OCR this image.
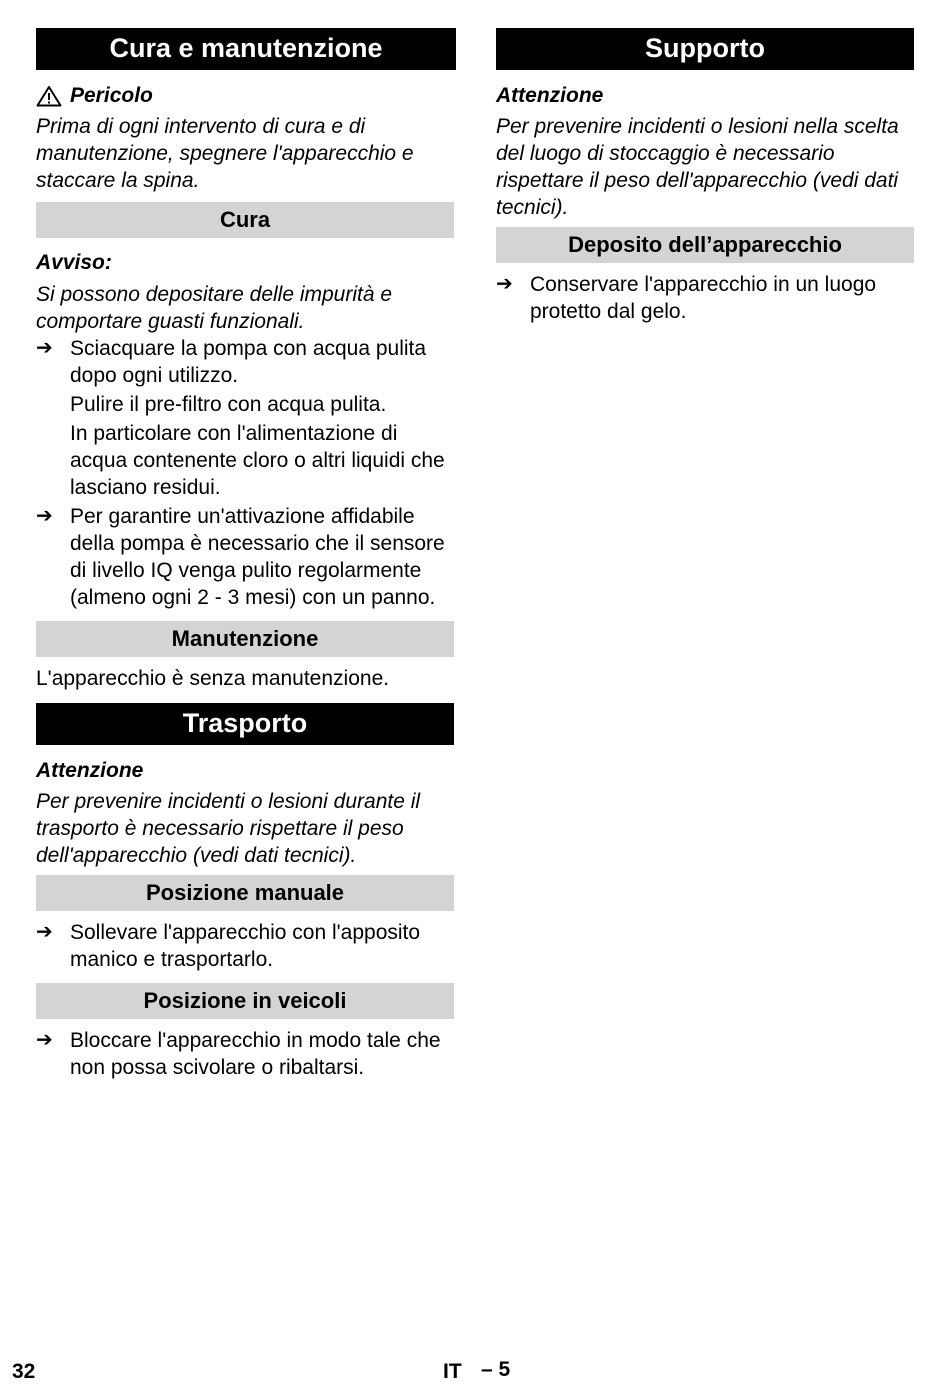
Cura e manutenzione
Pericolo
Prima di ogni intervento di cura e di manutenzione, spegnere l'apparecchio e staccare la spina.
Cura
Avviso:
Si possono depositare delle impurità e comportare guasti funzionali.
➔ Sciacquare la pompa con acqua pulita dopo ogni utilizzo.
Pulire il pre-filtro con acqua pulita.
In particolare con l'alimentazione di acqua contenente cloro o altri liquidi che lasciano residui.
➔ Per garantire un'attivazione affidabile della pompa è necessario che il sensore di livello IQ venga pulito regolarmente (almeno ogni 2 - 3 mesi) con un panno.
Manutenzione
L'apparecchio è senza manutenzione.
Trasporto
Attenzione
Per prevenire incidenti o lesioni durante il trasporto è necessario rispettare il peso dell'apparecchio (vedi dati tecnici).
Posizione manuale
➔ Sollevare l'apparecchio con l'apposito manico e trasportarlo.
Posizione in veicoli
➔ Bloccare l'apparecchio in modo tale che non possa scivolare o ribaltarsi.
Supporto
Attenzione
Per prevenire incidenti o lesioni nella scelta del luogo di stoccaggio è necessario rispettare il peso dell'apparecchio (vedi dati tecnici).
Deposito dell’apparecchio
➔ Conservare l'apparecchio in un luogo protetto dal gelo.
32	IT – 5
